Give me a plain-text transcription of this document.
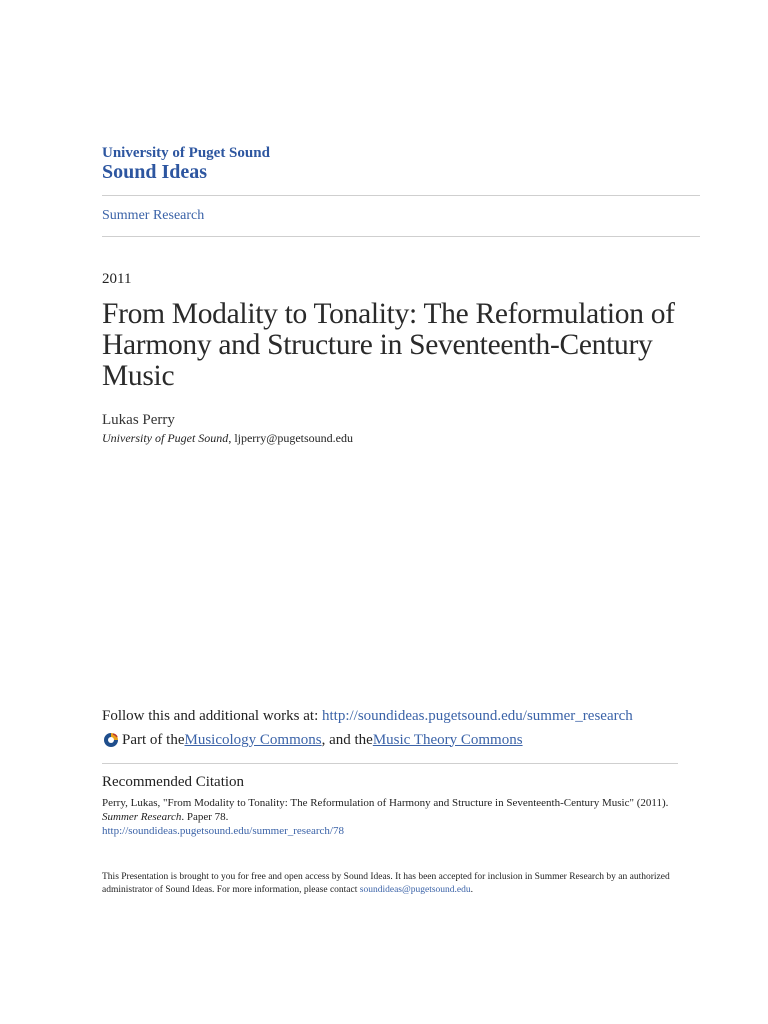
University of Puget Sound
Sound Ideas
Summer Research
2011
From Modality to Tonality: The Reformulation of Harmony and Structure in Seventeenth-Century Music
Lukas Perry
University of Puget Sound, ljperry@pugetsound.edu
Follow this and additional works at: http://soundideas.pugetsound.edu/summer_research
Part of the Musicology Commons , and the Music Theory Commons
Recommended Citation
Perry, Lukas, "From Modality to Tonality: The Reformulation of Harmony and Structure in Seventeenth-Century Music" (2011).
Summer Research. Paper 78.
http://soundideas.pugetsound.edu/summer_research/78
This Presentation is brought to you for free and open access by Sound Ideas. It has been accepted for inclusion in Summer Research by an authorized administrator of Sound Ideas. For more information, please contact soundideas@pugetsound.edu.
